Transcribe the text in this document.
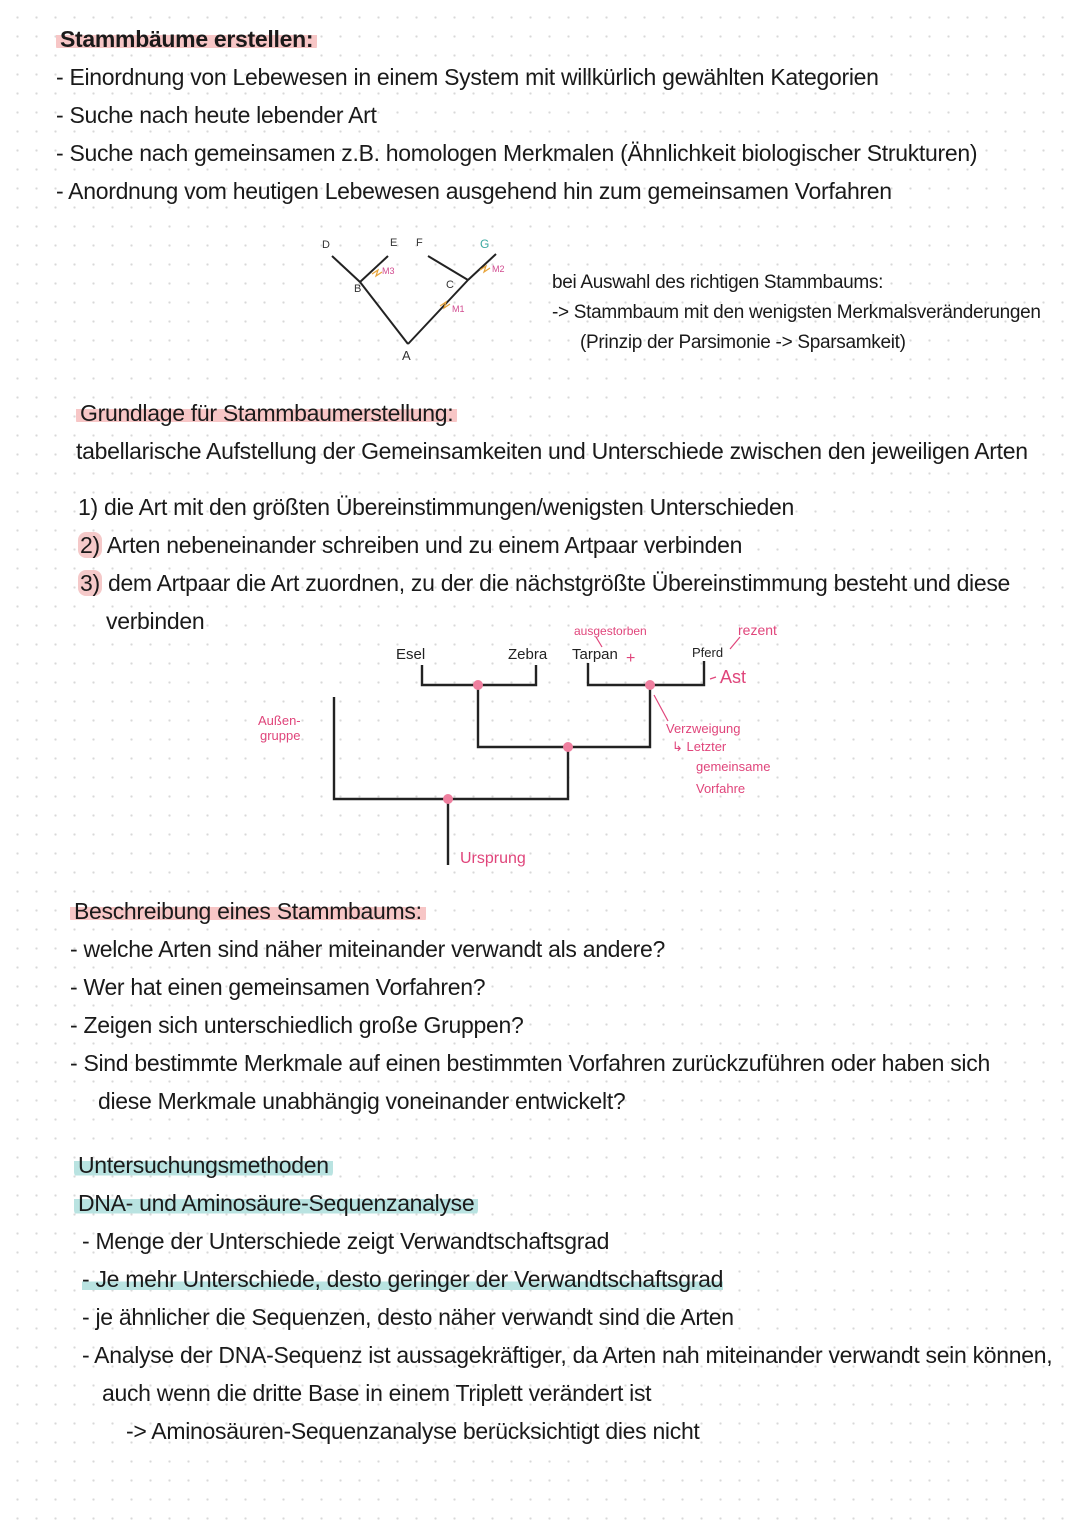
Stammbäume erstellen:
- Einordnung von Lebewesen in einem System mit willkürlich gewählten Kategorien
- Suche nach heute lebender Art
- Suche nach gemeinsamen z.B. homologen Merkmalen (Ähnlichkeit biologischer Strukturen)
- Anordnung vom heutigen Lebewesen ausgehend hin zum gemeinsamen Vorfahren
D	E F	G
B	C
A
M3	M2
M1
bei Auswahl des richtigen Stammbaums:
-> Stammbaum mit den wenigsten Merkmalsveränderungen
(Prinzip der Parsimonie -> Sparsamkeit)
Grundlage für Stammbaumerstellung:
tabellarische Aufstellung der Gemeinsamkeiten und Unterschiede zwischen den jeweiligen Arten
1) die Art mit den größten Übereinstimmungen/wenigsten Unterschieden
2) Arten nebeneinander schreiben und zu einem Artpaar verbinden
3) dem Artpaar die Art zuordnen, zu der die nächstgrößte Übereinstimmung besteht und diese
verbinden
Esel	Zebra Tarpan	Pferd
ausgestorben	rezent
+
Ast
Außen-
gruppe	Verzweigung
↳ Letzter
gemeinsame
Vorfahre
Ursprung
Beschreibung eines Stammbaums:
- welche Arten sind näher miteinander verwandt als andere?
- Wer hat einen gemeinsamen Vorfahren?
- Zeigen sich unterschiedlich große Gruppen?
- Sind bestimmte Merkmale auf einen bestimmten Vorfahren zurückzuführen oder haben sich
diese Merkmale unabhängig voneinander entwickelt?
Untersuchungsmethoden
DNA- und Aminosäure-Sequenzanalyse
- Menge der Unterschiede zeigt Verwandtschaftsgrad
- Je mehr Unterschiede, desto geringer der Verwandtschaftsgrad
- je ähnlicher die Sequenzen, desto näher verwandt sind die Arten
- Analyse der DNA-Sequenz ist aussagekräftiger, da Arten nah miteinander verwandt sein können,
auch wenn die dritte Base in einem Triplett verändert ist
-> Aminosäuren-Sequenzanalyse berücksichtigt dies nicht
